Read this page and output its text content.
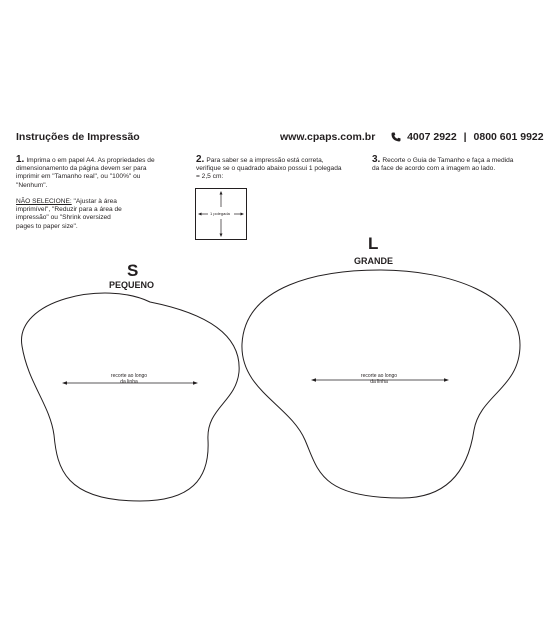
Instruções de Impressão	www.cpaps.com.br	4007 2922 | 0800 601 9922
1. Imprima o em papel A4. As propriedades de dimensionamento da página devem ser para imprimir em "Tamanho real", ou "100%" ou "Nenhum".
NÃO SELECIONE: "Ajustar à área imprimível", "Reduzir para a área de impressão" ou "Shrink oversized pages to paper size".
2. Para saber se a impressão está correta, verifique se o quadrado abaixo possui 1 polegada = 2,5 cm:
1 polegada
3. Recorte o Guia de Tamanho e faça a medida da face de acordo com a imagem ao lado.
S
PEQUENO
L
GRANDE
recorte ao longo
da linha
recorte ao longo
da linha
